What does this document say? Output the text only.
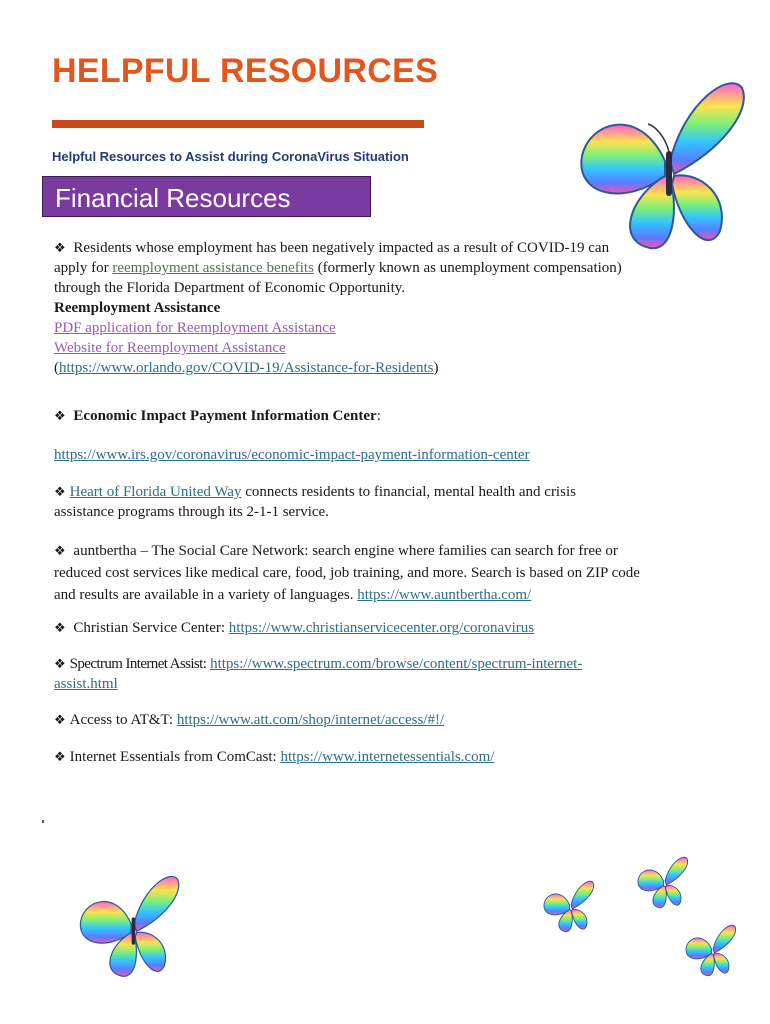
HELPFUL RESOURCES
Helpful Resources to Assist during CoronaVirus Situation
Financial Resources
❖ Residents whose employment has been negatively impacted as a result of COVID-19 can apply for reemployment assistance benefits (formerly known as unemployment compensation) through the Florida Department of Economic Opportunity.
Reemployment Assistance
PDF application for Reemployment Assistance
Website for Reemployment Assistance
(https://www.orlando.gov/COVID-19/Assistance-for-Residents)
❖ Economic Impact Payment Information Center:
https://www.irs.gov/coronavirus/economic-impact-payment-information-center
❖ Heart of Florida United Way connects residents to financial, mental health and crisis assistance programs through its 2-1-1 service.
❖ auntbertha – The Social Care Network: search engine where families can search for free or reduced cost services like medical care, food, job training, and more. Search is based on ZIP code and results are available in a variety of languages. https://www.auntbertha.com/
❖ Christian Service Center: https://www.christianservicecenter.org/coronavirus
❖ Spectrum Internet Assist: https://www.spectrum.com/browse/content/spectrum-internet-assist.html
❖ Access to AT&T: https://www.att.com/shop/internet/access/#!/
❖ Internet Essentials from ComCast: https://www.internetessentials.com/
